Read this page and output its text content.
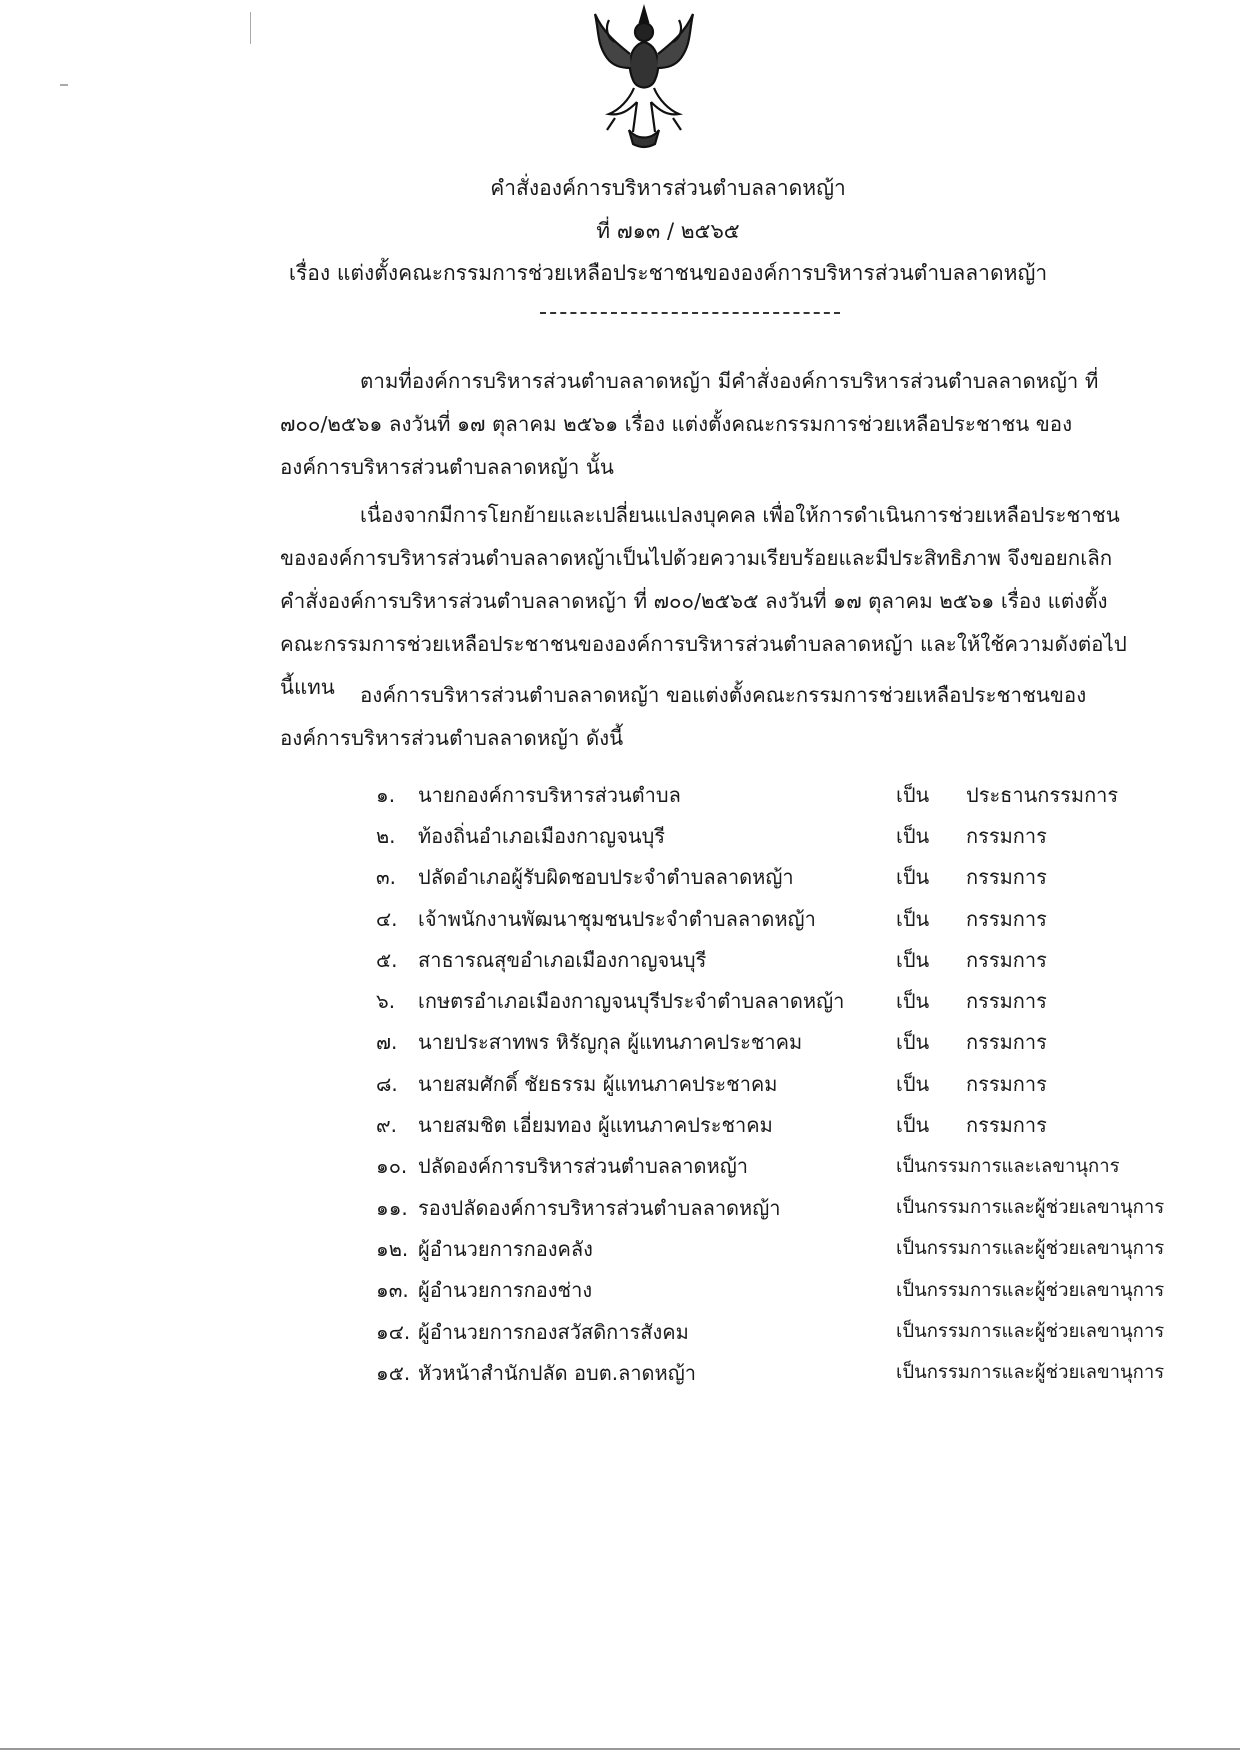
คำสั่งองค์การบริหารส่วนตำบลลาดหญ้า
ที่ ๗๑๓ / ๒๕๖๕
เรื่อง แต่งตั้งคณะกรรมการช่วยเหลือประชาชนขององค์การบริหารส่วนตำบลลาดหญ้า
ตามที่องค์การบริหารส่วนตำบลลาดหญ้า มีคำสั่งองค์การบริหารส่วนตำบลลาดหญ้า ที่ ๗๐๐/๒๕๖๑ ลงวันที่ ๑๗ ตุลาคม ๒๕๖๑ เรื่อง แต่งตั้งคณะกรรมการช่วยเหลือประชาชน ขององค์การบริหารส่วนตำบลลาดหญ้า นั้น
เนื่องจากมีการโยกย้ายและเปลี่ยนแปลงบุคคล เพื่อให้การดำเนินการช่วยเหลือประชาชนขององค์การบริหารส่วนตำบลลาดหญ้าเป็นไปด้วยความเรียบร้อยและมีประสิทธิภาพ จึงขอยกเลิกคำสั่งองค์การบริหารส่วนตำบลลาดหญ้า ที่ ๗๐๐/๒๕๖๕ ลงวันที่ ๑๗ ตุลาคม ๒๕๖๑ เรื่อง แต่งตั้งคณะกรรมการช่วยเหลือประชาชนขององค์การบริหารส่วนตำบลลาดหญ้า และให้ใช้ความดังต่อไปนี้แทน	องค์การบริหารส่วนตำบลลาดหญ้า ขอแต่งตั้งคณะกรรมการช่วยเหลือประชาชนขององค์การบริหารส่วนตำบลลาดหญ้า ดังนี้
๑.	นายกองค์การบริหารส่วนตำบล	เป็น	ประธานกรรมการ
๒.	ท้องถิ่นอำเภอเมืองกาญจนบุรี	เป็น	กรรมการ
๓.	ปลัดอำเภอผู้รับผิดชอบประจำตำบลลาดหญ้า	เป็น	กรรมการ
๔.	เจ้าพนักงานพัฒนาชุมชนประจำตำบลลาดหญ้า	เป็น	กรรมการ
๕.	สาธารณสุขอำเภอเมืองกาญจนบุรี	เป็น	กรรมการ
๖.	เกษตรอำเภอเมืองกาญจนบุรีประจำตำบลลาดหญ้า	เป็น	กรรมการ
๗.	นายประสาทพร หิรัญกุล ผู้แทนภาคประชาคม	เป็น	กรรมการ
๘.	นายสมศักดิ์ ชัยธรรม ผู้แทนภาคประชาคม	เป็น	กรรมการ
๙.	นายสมชิต เอี่ยมทอง ผู้แทนภาคประชาคม	เป็น	กรรมการ
๑๐.	ปลัดองค์การบริหารส่วนตำบลลาดหญ้า	เป็นกรรมการและเลขานุการ	
๑๑.	รองปลัดองค์การบริหารส่วนตำบลลาดหญ้า	เป็นกรรมการและผู้ช่วยเลขานุการ	
๑๒.	ผู้อำนวยการกองคลัง	เป็นกรรมการและผู้ช่วยเลขานุการ	
๑๓.	ผู้อำนวยการกองช่าง	เป็นกรรมการและผู้ช่วยเลขานุการ	
๑๔.	ผู้อำนวยการกองสวัสดิการสังคม	เป็นกรรมการและผู้ช่วยเลขานุการ	
๑๕.	หัวหน้าสำนักปลัด อบต.ลาดหญ้า	เป็นกรรมการและผู้ช่วยเลขานุการ	
